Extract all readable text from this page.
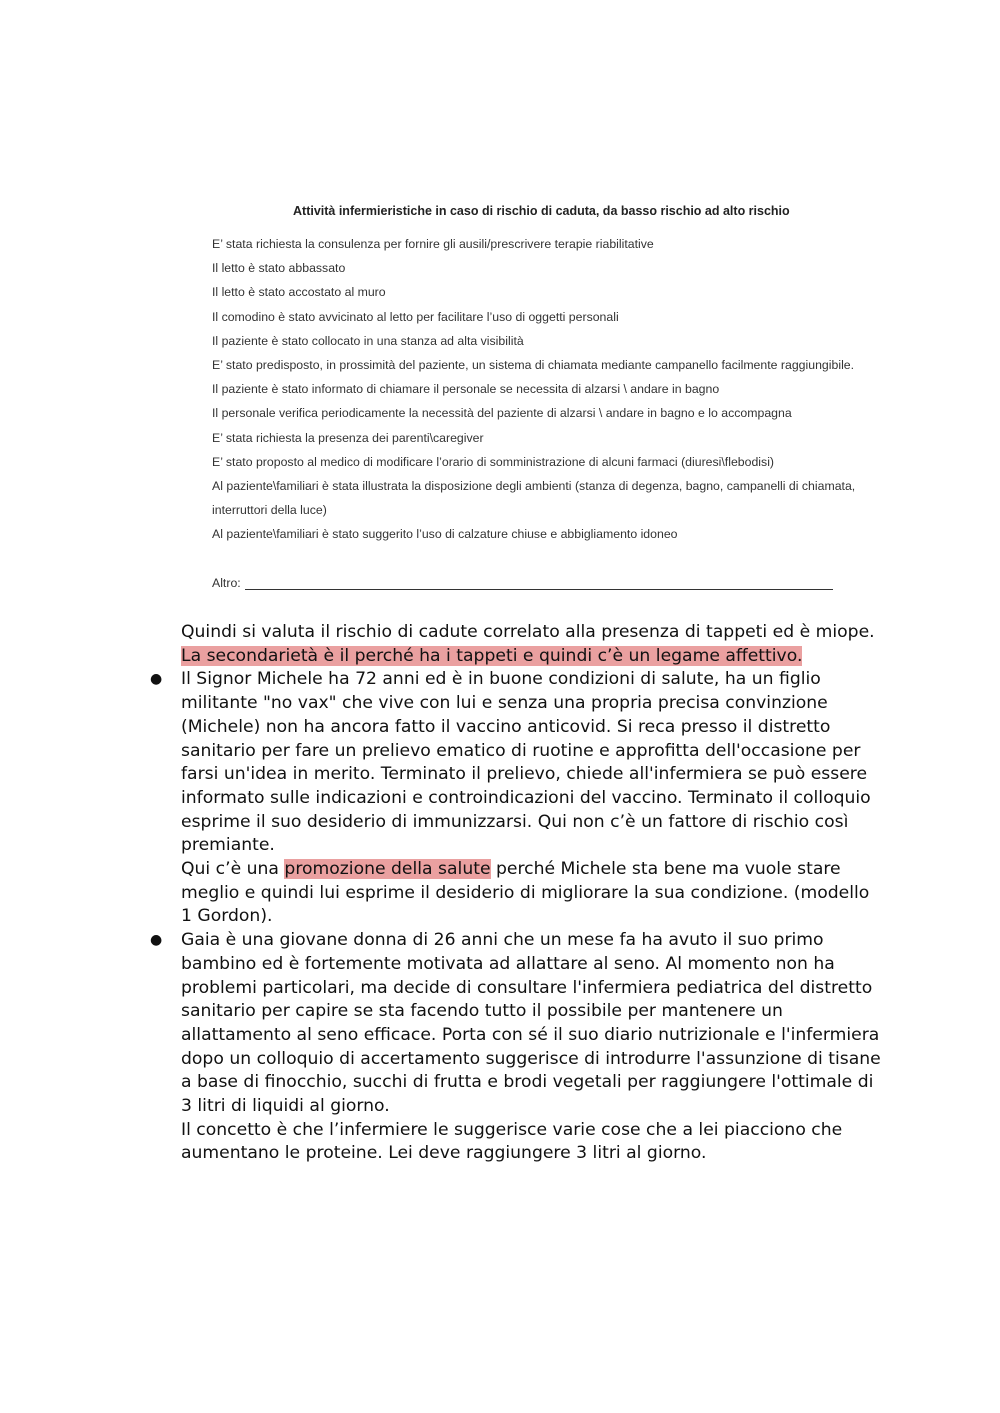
Attività infermieristiche in caso di rischio di caduta, da basso rischio ad alto rischio
E’ stata richiesta la consulenza per fornire gli ausili/prescrivere terapie riabilitative
Il letto è stato abbassato
Il letto è stato accostato al muro
Il comodino è stato avvicinato al letto per facilitare l’uso di oggetti personali
Il paziente è stato collocato in una stanza ad alta visibilità
E’ stato predisposto, in prossimità del paziente, un sistema di chiamata mediante campanello facilmente raggiungibile.
Il paziente è stato informato di chiamare il personale se necessita di alzarsi \ andare in bagno
Il personale verifica periodicamente la necessità del paziente di alzarsi \ andare in bagno e lo accompagna
E’ stata richiesta la presenza dei parenti\caregiver
E’ stato proposto al medico di modificare l’orario di somministrazione di alcuni farmaci (diuresi\flebodisi)
Al paziente\familiari è stata illustrata la disposizione degli ambienti (stanza di degenza, bagno, campanelli di chiamata,
interruttori della luce)
Al paziente\familiari è stato suggerito l’uso di calzature chiuse e abbigliamento idoneo
Altro:

Quindi si valuta il rischio di cadute correlato alla presenza di tappeti ed è miope. La secondarietà è il perché ha i tappeti e quindi c’è un legame affettivo.

● Il Signor Michele ha 72 anni ed è in buone condizioni di salute, ha un figlio militante "no vax" che vive con lui e senza una propria precisa convinzione (Michele) non ha ancora fatto il vaccino anticovid. Si reca presso il distretto sanitario per fare un prelievo ematico di ruotine e approfitta dell'occasione per farsi un'idea in merito. Terminato il prelievo, chiede all'infermiera se può essere informato sulle indicazioni e controindicazioni del vaccino. Terminato il colloquio esprime il suo desiderio di immunizzarsi. Qui non c’è un fattore di rischio così premiante.

Qui c’è una promozione della salute perché Michele sta bene ma vuole stare meglio e quindi lui esprime il desiderio di migliorare la sua condizione. (modello 1 Gordon).

● Gaia è una giovane donna di 26 anni che un mese fa ha avuto il suo primo bambino ed è fortemente motivata ad allattare al seno. Al momento non ha problemi particolari, ma decide di consultare l'infermiera pediatrica del distretto sanitario per capire se sta facendo tutto il possibile per mantenere un allattamento al seno efficace. Porta con sé il suo diario nutrizionale e l'infermiera dopo un colloquio di accertamento suggerisce di introdurre l'assunzione di tisane a base di finocchio, succhi di frutta e brodi vegetali per raggiungere l'ottimale di 3 litri di liquidi al giorno.

Il concetto è che l’infermiere le suggerisce varie cose che a lei piacciono che aumentano le proteine. Lei deve raggiungere 3 litri al giorno.
